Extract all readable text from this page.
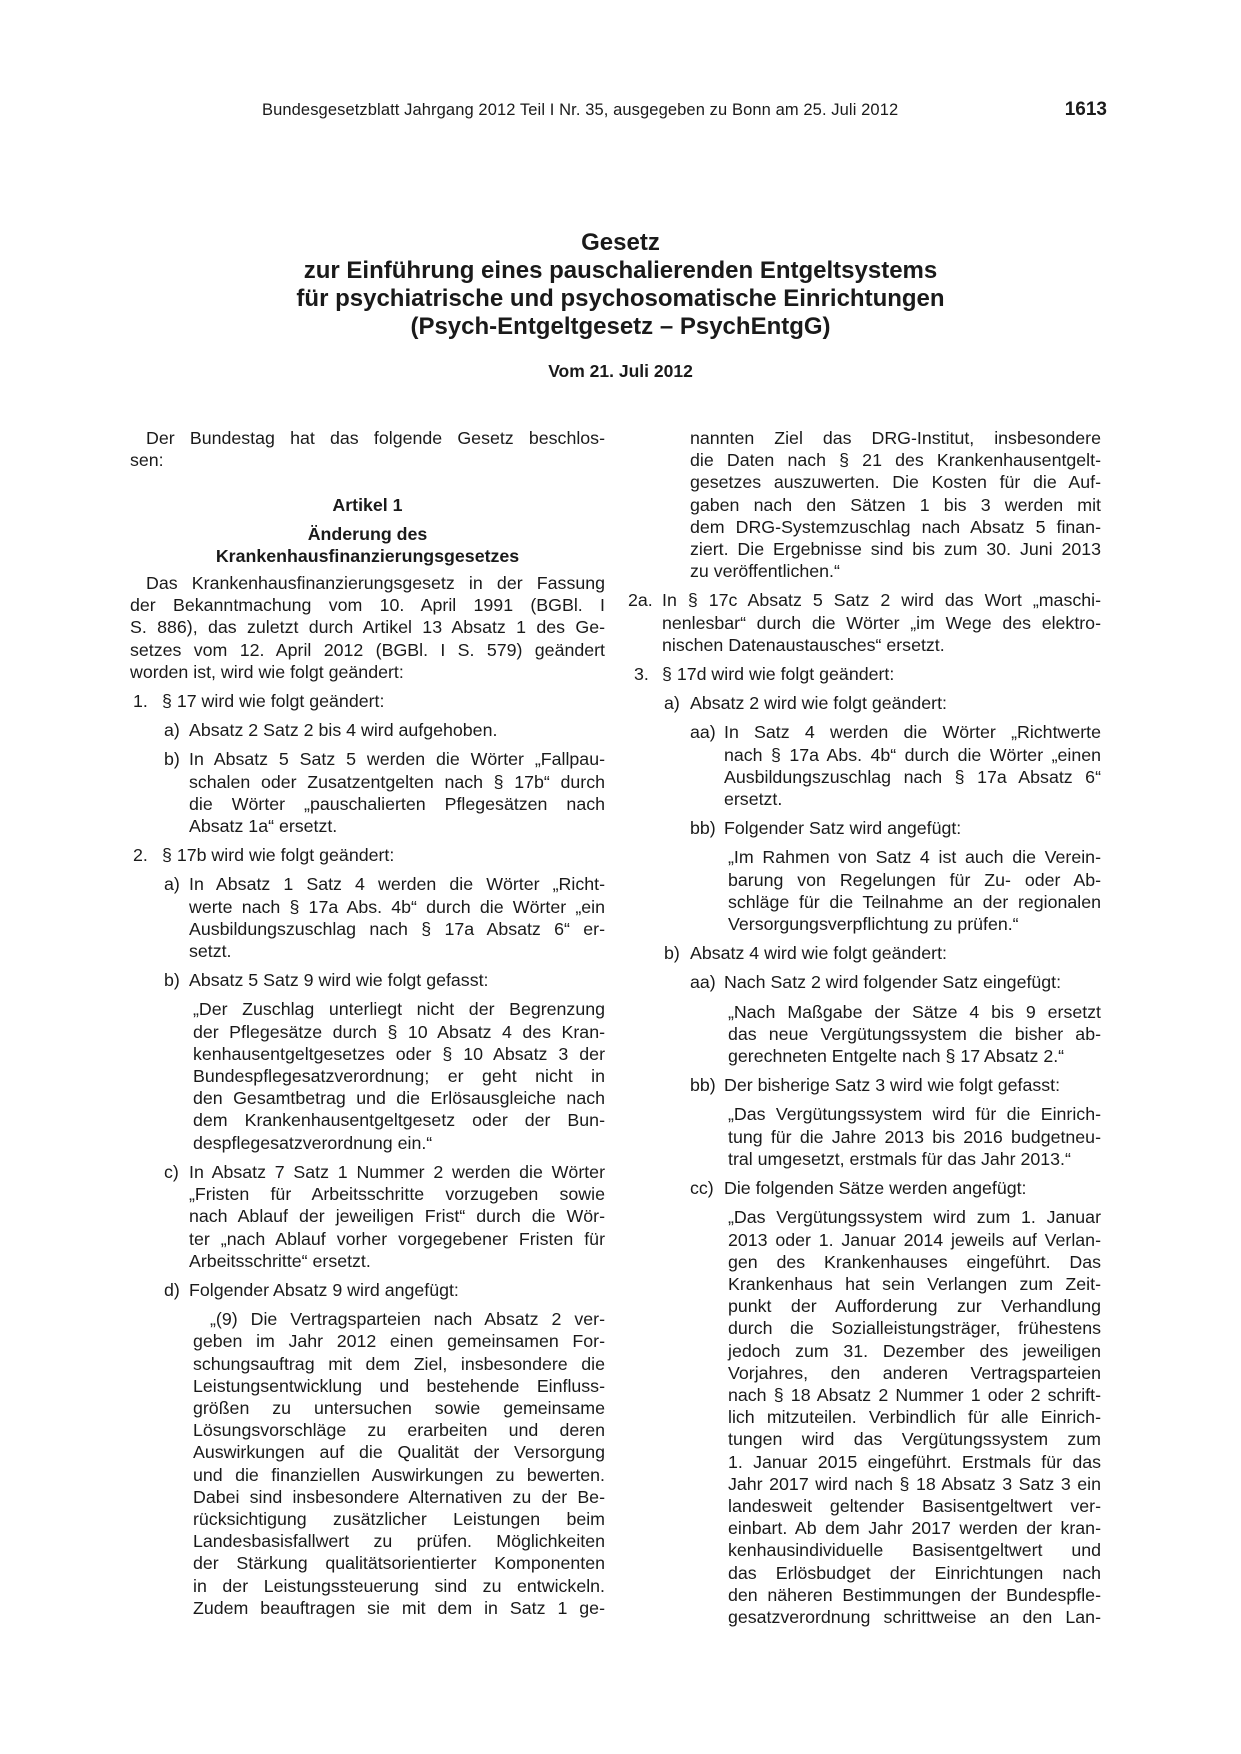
Bundesgesetzblatt Jahrgang 2012 Teil I Nr. 35, ausgegeben zu Bonn am 25. Juli 2012	1613
Gesetz
zur Einführung eines pauschalierenden Entgeltsystems
für psychiatrische und psychosomatische Einrichtungen
(Psych-Entgeltgesetz – PsychEntgG)
Vom 21. Juli 2012
Der Bundestag hat das folgende Gesetz beschlos-
sen:
Artikel 1
Änderung des
Krankenhausfinanzierungsgesetzes
Das Krankenhausfinanzierungsgesetz in der Fassung
der Bekanntmachung vom 10. April 1991 (BGBl. I
S. 886), das zuletzt durch Artikel 13 Absatz 1 des Ge-
setzes vom 12. April 2012 (BGBl. I S. 579) geändert
worden ist, wird wie folgt geändert:
1. § 17 wird wie folgt geändert:
a) Absatz 2 Satz 2 bis 4 wird aufgehoben.
b) In Absatz 5 Satz 5 werden die Wörter „Fallpau-
schalen oder Zusatzentgelten nach § 17b“ durch
die Wörter „pauschalierten Pflegesätzen nach
Absatz 1a“ ersetzt.
2. § 17b wird wie folgt geändert:
a) In Absatz 1 Satz 4 werden die Wörter „Richt-
werte nach § 17a Abs. 4b“ durch die Wörter „ein
Ausbildungszuschlag nach § 17a Absatz 6“ er-
setzt.
b) Absatz 5 Satz 9 wird wie folgt gefasst:
„Der Zuschlag unterliegt nicht der Begrenzung
der Pflegesätze durch § 10 Absatz 4 des Kran-
kenhausentgeltgesetzes oder § 10 Absatz 3 der
Bundespflegesatzverordnung; er geht nicht in
den Gesamtbetrag und die Erlösausgleiche nach
dem Krankenhausentgeltgesetz oder der Bun-
despflegesatzverordnung ein.“
c) In Absatz 7 Satz 1 Nummer 2 werden die Wörter
„Fristen für Arbeitsschritte vorzugeben sowie
nach Ablauf der jeweiligen Frist“ durch die Wör-
ter „nach Ablauf vorher vorgegebener Fristen für
Arbeitsschritte“ ersetzt.
d) Folgender Absatz 9 wird angefügt:
„(9) Die Vertragsparteien nach Absatz 2 ver-
geben im Jahr 2012 einen gemeinsamen For-
schungsauftrag mit dem Ziel, insbesondere die
Leistungsentwicklung und bestehende Einfluss-
größen zu untersuchen sowie gemeinsame
Lösungsvorschläge zu erarbeiten und deren
Auswirkungen auf die Qualität der Versorgung
und die finanziellen Auswirkungen zu bewerten.
Dabei sind insbesondere Alternativen zu der Be-
rücksichtigung zusätzlicher Leistungen beim
Landesbasisfallwert zu prüfen. Möglichkeiten
der Stärkung qualitätsorientierter Komponenten
in der Leistungssteuerung sind zu entwickeln.
Zudem beauftragen sie mit dem in Satz 1 ge-
nannten Ziel das DRG-Institut, insbesondere
die Daten nach § 21 des Krankenhausentgelt-
gesetzes auszuwerten. Die Kosten für die Auf-
gaben nach den Sätzen 1 bis 3 werden mit
dem DRG-Systemzuschlag nach Absatz 5 finan-
ziert. Die Ergebnisse sind bis zum 30. Juni 2013
zu veröffentlichen.“
2a. In § 17c Absatz 5 Satz 2 wird das Wort „maschi-
nenlesbar“ durch die Wörter „im Wege des elektro-
nischen Datenaustausches“ ersetzt.
3. § 17d wird wie folgt geändert:
a) Absatz 2 wird wie folgt geändert:
aa) In Satz 4 werden die Wörter „Richtwerte
nach § 17a Abs. 4b“ durch die Wörter „einen
Ausbildungszuschlag nach § 17a Absatz 6“
ersetzt.
bb) Folgender Satz wird angefügt:
„Im Rahmen von Satz 4 ist auch die Verein-
barung von Regelungen für Zu- oder Ab-
schläge für die Teilnahme an der regionalen
Versorgungsverpflichtung zu prüfen.“
b) Absatz 4 wird wie folgt geändert:
aa) Nach Satz 2 wird folgender Satz eingefügt:
„Nach Maßgabe der Sätze 4 bis 9 ersetzt
das neue Vergütungssystem die bisher ab-
gerechneten Entgelte nach § 17 Absatz 2.“
bb) Der bisherige Satz 3 wird wie folgt gefasst:
„Das Vergütungssystem wird für die Einrich-
tung für die Jahre 2013 bis 2016 budgetneu-
tral umgesetzt, erstmals für das Jahr 2013.“
cc) Die folgenden Sätze werden angefügt:
„Das Vergütungssystem wird zum 1. Januar
2013 oder 1. Januar 2014 jeweils auf Verlan-
gen des Krankenhauses eingeführt. Das
Krankenhaus hat sein Verlangen zum Zeit-
punkt der Aufforderung zur Verhandlung
durch die Sozialleistungsträger, frühestens
jedoch zum 31. Dezember des jeweiligen
Vorjahres, den anderen Vertragsparteien
nach § 18 Absatz 2 Nummer 1 oder 2 schrift-
lich mitzuteilen. Verbindlich für alle Einrich-
tungen wird das Vergütungssystem zum
1. Januar 2015 eingeführt. Erstmals für das
Jahr 2017 wird nach § 18 Absatz 3 Satz 3 ein
landesweit geltender Basisentgeltwert ver-
einbart. Ab dem Jahr 2017 werden der kran-
kenhausindividuelle Basisentgeltwert und
das Erlösbudget der Einrichtungen nach
den näheren Bestimmungen der Bundespfle-
gesatzverordnung schrittweise an den Lan-
